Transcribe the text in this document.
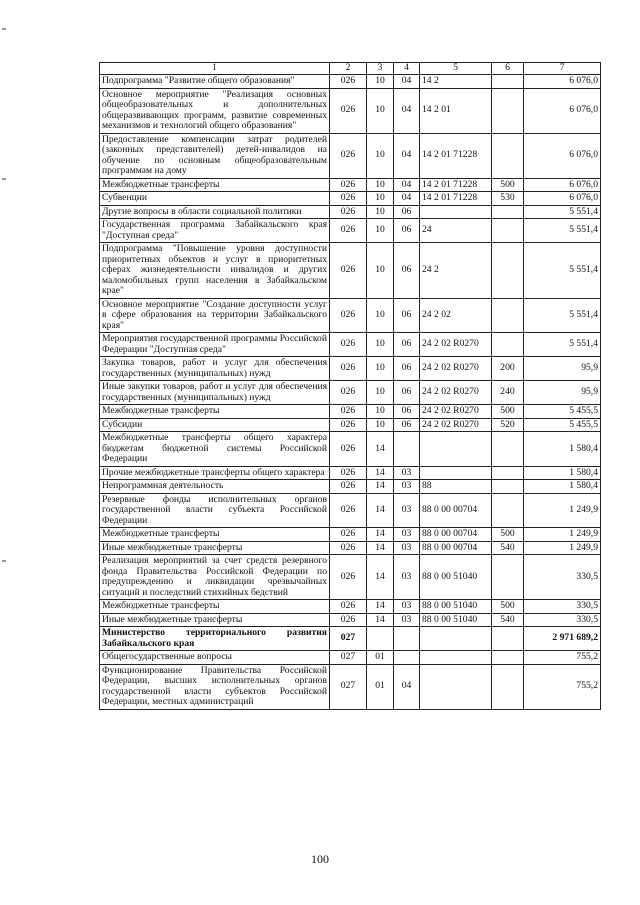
1	2	3	4	5	6	7
Подпрограмма "Развитие общего образования"	026	10	04	14 2		6 076,0
Основное мероприятие "Реализация основных общеобразовательных и дополнительных общеразвивающих программ, развитие современных механизмов и технологий общего образования"	026	10	04	14 2 01		6 076,0
Предоставление компенсации затрат родителей (законных представителей) детей-инвалидов на обучение по основным общеобразовательным программам на дому	026	10	04	14 2 01 71228		6 076,0
Межбюджетные трансферты	026	10	04	14 2 01 71228	500	6 076,0
Субвенции	026	10	04	14 2 01 71228	530	6 076,0
Другие вопросы в области социальной политики	026	10	06			5 551,4
Государственная программа Забайкальского края "Доступная среда"	026	10	06	24		5 551,4
Подпрограмма "Повышение уровня доступности приоритетных объектов и услуг в приоритетных сферах жизнедеятельности инвалидов и других маломобильных групп населения в Забайкальском крае"	026	10	06	24 2		5 551,4
Основное мероприятие "Создание доступности услуг в сфере образования на территории Забайкальского края"	026	10	06	24 2 02		5 551,4
Мероприятия государственной программы Российской Федерации "Доступная среда"	026	10	06	24 2 02 R0270		5 551,4
Закупка товаров, работ и услуг для обеспечения государственных (муниципальных) нужд	026	10	06	24 2 02 R0270	200	95,9
Иные закупки товаров, работ и услуг для обеспечения государственных (муниципальных) нужд	026	10	06	24 2 02 R0270	240	95,9
Межбюджетные трансферты	026	10	06	24 2 02 R0270	500	5 455,5
Субсидии	026	10	06	24 2 02 R0270	520	5 455,5
Межбюджетные трансферты общего характера бюджетам бюджетной системы Российской Федерации	026	14				1 580,4
Прочие межбюджетные трансферты общего характера	026	14	03			1 580,4
Непрограммная деятельность	026	14	03	88		1 580,4
Резервные фонды исполнительных органов государственной власти субъекта Российской Федерации	026	14	03	88 0 00 00704		1 249,9
Межбюджетные трансферты	026	14	03	88 0 00 00704	500	1 249,9
Иные межбюджетные трансферты	026	14	03	88 0 00 00704	540	1 249,9
Реализация мероприятий за счет средств резервного фонда Правительства Российской Федерации по предупреждению и ликвидации чрезвычайных ситуаций и последствий стихийных бедствий	026	14	03	88 0 00 51040		330,5
Межбюджетные трансферты	026	14	03	88 0 00 51040	500	330,5
Иные межбюджетные трансферты	026	14	03	88 0 00 51040	540	330,5
Министерство территориального развития Забайкальского края	027					2 971 689,2
Общегосударственные вопросы	027	01				755,2
Функционирование Правительства Российской Федерации, высших исполнительных органов государственной власти субъектов Российской Федерации, местных администраций	027	01	04			755,2
100
